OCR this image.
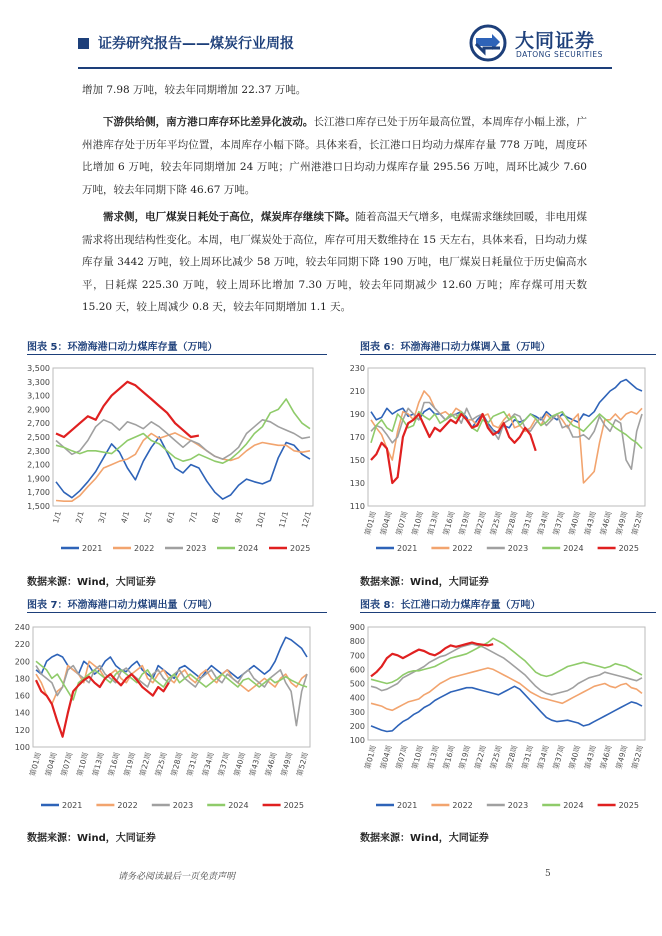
证券研究报告——煤炭行业周报	大同证券
DATONG SECURITIES
增加 7.98 万吨，较去年同期增加 22.37 万吨。
下游供给侧，南方港口库存环比差异化波动。长江港口库存已处于历年最高位置，本周库存小幅上涨，广州港库存处于历年平均位置，本周库存小幅下降。具体来看，长江港口日均动力煤库存量 778 万吨，周度环比增加 6 万吨，较去年同期增加 24 万吨；广州港港口日均动力煤库存量 295.56 万吨，周环比减少 7.60 万吨，较去年同期下降 46.67 万吨。
需求侧，电厂煤炭日耗处于高位，煤炭库存继续下降。随着高温天气增多，电煤需求继续回暖，非电用煤需求将出现结构性变化。本周，电厂煤炭处于高位，库存可用天数维持在 15 天左右，具体来看，日均动力煤库存量 3442 万吨，较上周环比减少 58 万吨，较去年同期下降 190 万吨，电厂煤炭日耗量位于历史偏高水平，日耗煤 225.30 万吨，较上周环比增加 7.30 万吨，较去年同期减少 12.60 万吨；库存煤可用天数 15.20 天，较上周减少 0.8 天，较去年同期增加 1.1 天。
图表 5：环渤海港口动力煤库存量（万吨）	图表 6：环渤海港口动力煤调入量（万吨）
1,500
1,700
1,900
2,100
2,300
2,500
2,700
2,900
3,100
3,300
3,500
1/1 2/1 3/1 4/1 5/1 6/1 7/1 8/1 9/1 10/1 11/1 12/1
2021	2022	2023	2024	2025
110
130
150
170
190
210
230
第01周 第04周 第07周 第10周 第13周 第16周 第19周 第22周 第25周 第28周 第31周 第34周 第37周 第40周 第43周 第46周 第49周 第52周
2021	2022	2023	2024	2025
数据来源：Wind，大同证券	数据来源：Wind，大同证券
图表 7：环渤海港口动力煤调出量（万吨）	图表 8：长江港口动力煤库存量（万吨）
100
120
140
160
180
200
220
240
第01周 第04周 第07周 第10周 第13周 第16周 第19周 第22周 第25周 第28周 第31周 第34周 第37周 第40周 第43周 第46周 第49周 第52周
2021	2022	2023	2024	2025
100
200
300
400
500
600
700
800
900
第01周 第04周 第07周 第10周 第13周 第16周 第19周 第22周 第25周 第28周 第31周 第34周 第37周 第40周 第43周 第46周 第49周 第52周
2021	2022	2023	2024	2025
数据来源：Wind，大同证券	数据来源：Wind，大同证券
请务必阅读最后一页免责声明	5
